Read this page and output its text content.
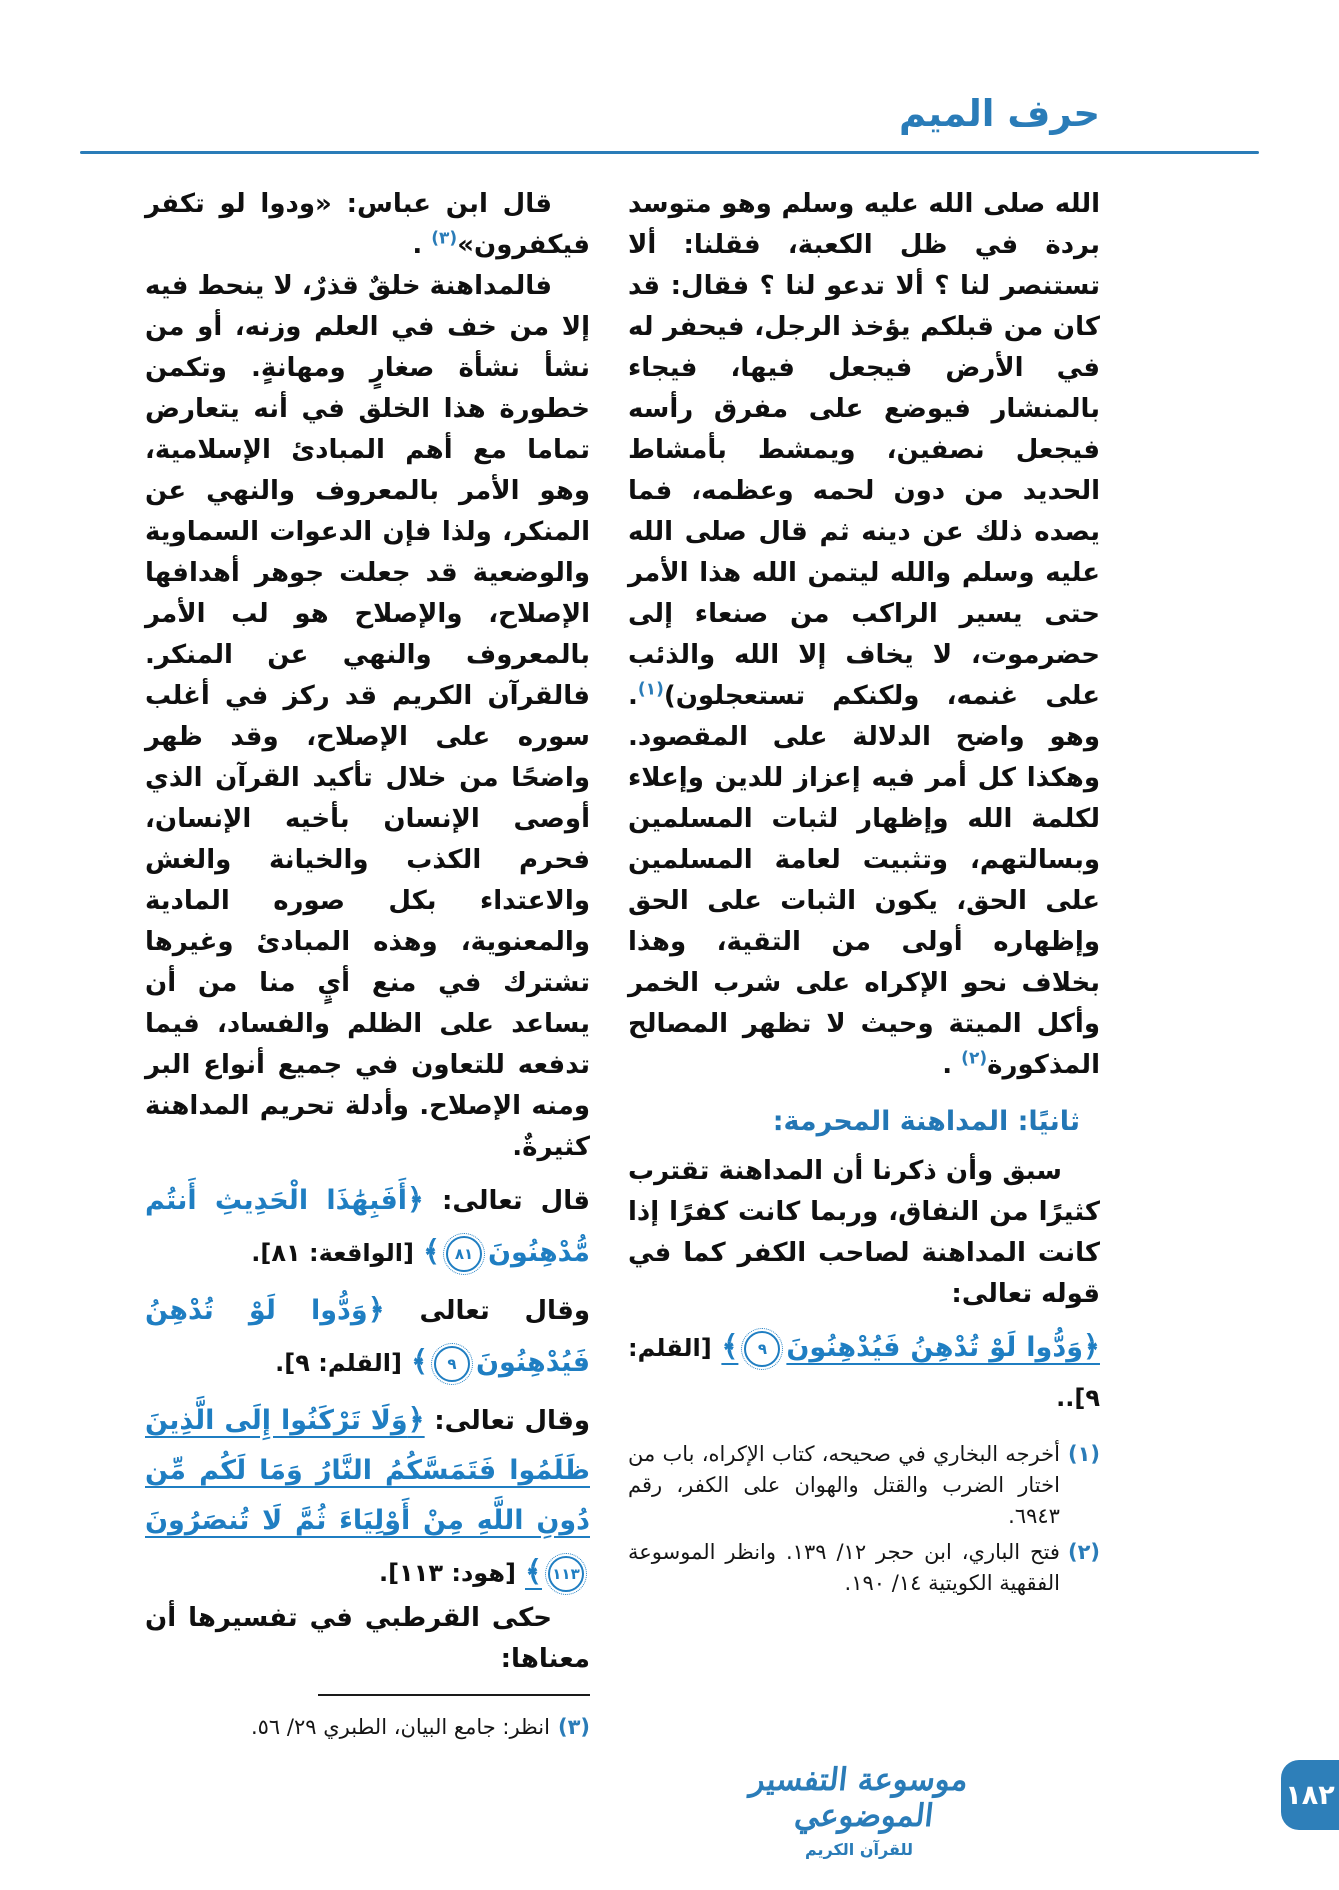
حرف الميم

الله صلى الله عليه وسلم وهو متوسد بردة في ظل الكعبة، فقلنا: ألا تستنصر لنا ؟ ألا تدعو لنا ؟ فقال: قد كان من قبلكم يؤخذ الرجل، فيحفر له في الأرض فيجعل فيها، فيجاء بالمنشار فيوضع على مفرق رأسه فيجعل نصفين، ويمشط بأمشاط الحديد من دون لحمه وعظمه، فما يصده ذلك عن دينه ثم قال صلى الله عليه وسلم والله ليتمن الله هذا الأمر حتى يسير الراكب من صنعاء إلى حضرموت، لا يخاف إلا الله والذئب على غنمه، ولكنكم تستعجلون)$^{(١)}$. وهو واضح الدلالة على المقصود. وهكذا كل أمر فيه إعزاز للدين وإعلاء لكلمة الله وإظهار لثبات المسلمين وبسالتهم، وتثبيت لعامة المسلمين على الحق، يكون الثبات على الحق وإظهاره أولى من التقية، وهذا بخلاف نحو الإكراه على شرب الخمر وأكل الميتة وحيث لا تظهر المصالح المذكورة$^{(٢)}$ .

ثانيًا: المداهنة المحرمة:

سبق وأن ذكرنا أن المداهنة تقترب كثيرًا من النفاق، وربما كانت كفرًا إذا كانت المداهنة لصاحب الكفر كما في قوله تعالى:

﴿وَدُّوا لَوْ تُدْهِنُ فَيُدْهِنُونَ٩﴾ [القلم: ٩]..

(١)
أخرجه البخاري في صحيحه، كتاب الإكراه، باب من اختار الضرب والقتل والهوان على الكفر، رقم ٦٩٤٣.
(٢)
فتح الباري، ابن حجر ١٢/ ١٣٩. وانظر الموسوعة الفقهية الكويتية ١٤/ ١٩٠.

قال ابن عباس: «ودوا لو تكفر فيكفرون»$^{(٣)}$ .

فالمداهنة خلقٌ قذرٌ، لا ينحط فيه إلا من خف في العلم وزنه، أو من نشأ نشأة صغارٍ ومهانةٍ. وتكمن خطورة هذا الخلق في أنه يتعارض تماما مع أهم المبادئ الإسلامية، وهو الأمر بالمعروف والنهي عن المنكر، ولذا فإن الدعوات السماوية والوضعية قد جعلت جوهر أهدافها الإصلاح، والإصلاح هو لب الأمر بالمعروف والنهي عن المنكر. فالقرآن الكريم قد ركز في أغلب سوره على الإصلاح، وقد ظهر واضحًا من خلال تأكيد القرآن الذي أوصى الإنسان بأخيه الإنسان، فحرم الكذب والخيانة والغش والاعتداء بكل صوره المادية والمعنوية، وهذه المبادئ وغيرها تشترك في منع أيٍ منا من أن يساعد على الظلم والفساد، فيما تدفعه للتعاون في جميع أنواع البر ومنه الإصلاح. وأدلة تحريم المداهنة كثيرةٌ.

قال تعالى: ﴿أَفَبِهَٰذَا الْحَدِيثِ أَنتُم مُّدْهِنُونَ٨١﴾ [الواقعة: ٨١].

وقال تعالى ﴿وَدُّوا لَوْ تُدْهِنُ فَيُدْهِنُونَ٩﴾ [القلم: ٩].

وقال تعالى: ﴿وَلَا تَرْكَنُوا إِلَى الَّذِينَ ظَلَمُوا فَتَمَسَّكُمُ النَّارُ وَمَا لَكُم مِّن دُونِ اللَّهِ مِنْ أَوْلِيَاءَ ثُمَّ لَا تُنصَرُونَ١١٣﴾ [هود: ١١٣].

حكى القرطبي في تفسيرها أن معناها:

(٣)
انظر: جامع البيان، الطبري ٢٩/ ٥٦.
موسوعة التفسير الموضوعي
للقرآن الكريم
١٨٢
